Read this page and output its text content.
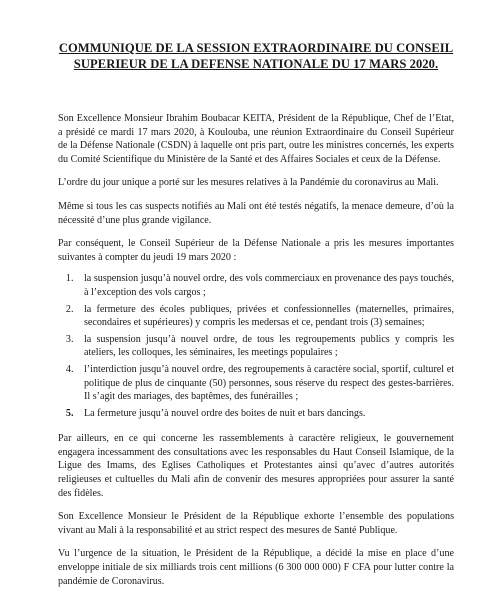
COMMUNIQUE DE LA SESSION EXTRAORDINAIRE DU CONSEIL
SUPERIEUR DE LA DEFENSE NATIONALE DU 17 MARS 2020.

Son Excellence Monsieur Ibrahim Boubacar KEITA, Président de la République, Chef de l’Etat, a présidé ce mardi 17 mars 2020, à Koulouba, une réunion Extraordinaire du Conseil Supérieur de la Défense Nationale (CSDN) à laquelle ont pris part, outre les ministres concernés, les experts du Comité Scientifique du Ministère de la Santé et des Affaires Sociales et ceux de la Défense.

L’ordre du jour unique a porté sur les mesures relatives à la Pandémie du coronavirus au Mali.

Même si tous les cas suspects notifiés au Mali ont été testés négatifs, la menace demeure, d’où la nécessité d’une plus grande vigilance.

Par conséquent, le Conseil Supérieur de la Défense Nationale a pris les mesures importantes suivantes à compter du jeudi 19 mars 2020 :

1. la suspension jusqu’à nouvel ordre, des vols commerciaux en provenance des pays touchés, à l’exception des vols cargos ;
2. la fermeture des écoles publiques, privées et confessionnelles (maternelles, primaires, secondaires et supérieures) y compris les medersas et ce, pendant trois (3) semaines;
3. la suspension jusqu’à nouvel ordre, de tous les regroupements publics y compris les ateliers, les colloques, les séminaires, les meetings populaires ;
4. l’interdiction jusqu’à nouvel ordre, des regroupements à caractère social, sportif, culturel et politique de plus de cinquante (50) personnes, sous réserve du respect des gestes-barrières. Il s’agit des mariages, des baptêmes, des funérailles ;
5. La fermeture jusqu’à nouvel ordre des boites de nuit et bars dancings.

Par ailleurs, en ce qui concerne les rassemblements à caractère religieux, le gouvernement engagera incessamment des consultations avec les responsables du Haut Conseil Islamique, de la Ligue des Imams, des Eglises Catholiques et Protestantes ainsi qu’avec d’autres autorités religieuses et cultuelles du Mali afin de convenir des mesures appropriées pour assurer la santé des fidèles.

Son Excellence Monsieur le Président de la République exhorte l’ensemble des populations vivant au Mali à la responsabilité et au strict respect des mesures de Santé Publique.

Vu l’urgence de la situation, le Président de la République, a décidé la mise en place d’une enveloppe initiale de six milliards trois cent millions (6 300 000 000) F CFA pour lutter contre la pandémie de Coronavirus.
